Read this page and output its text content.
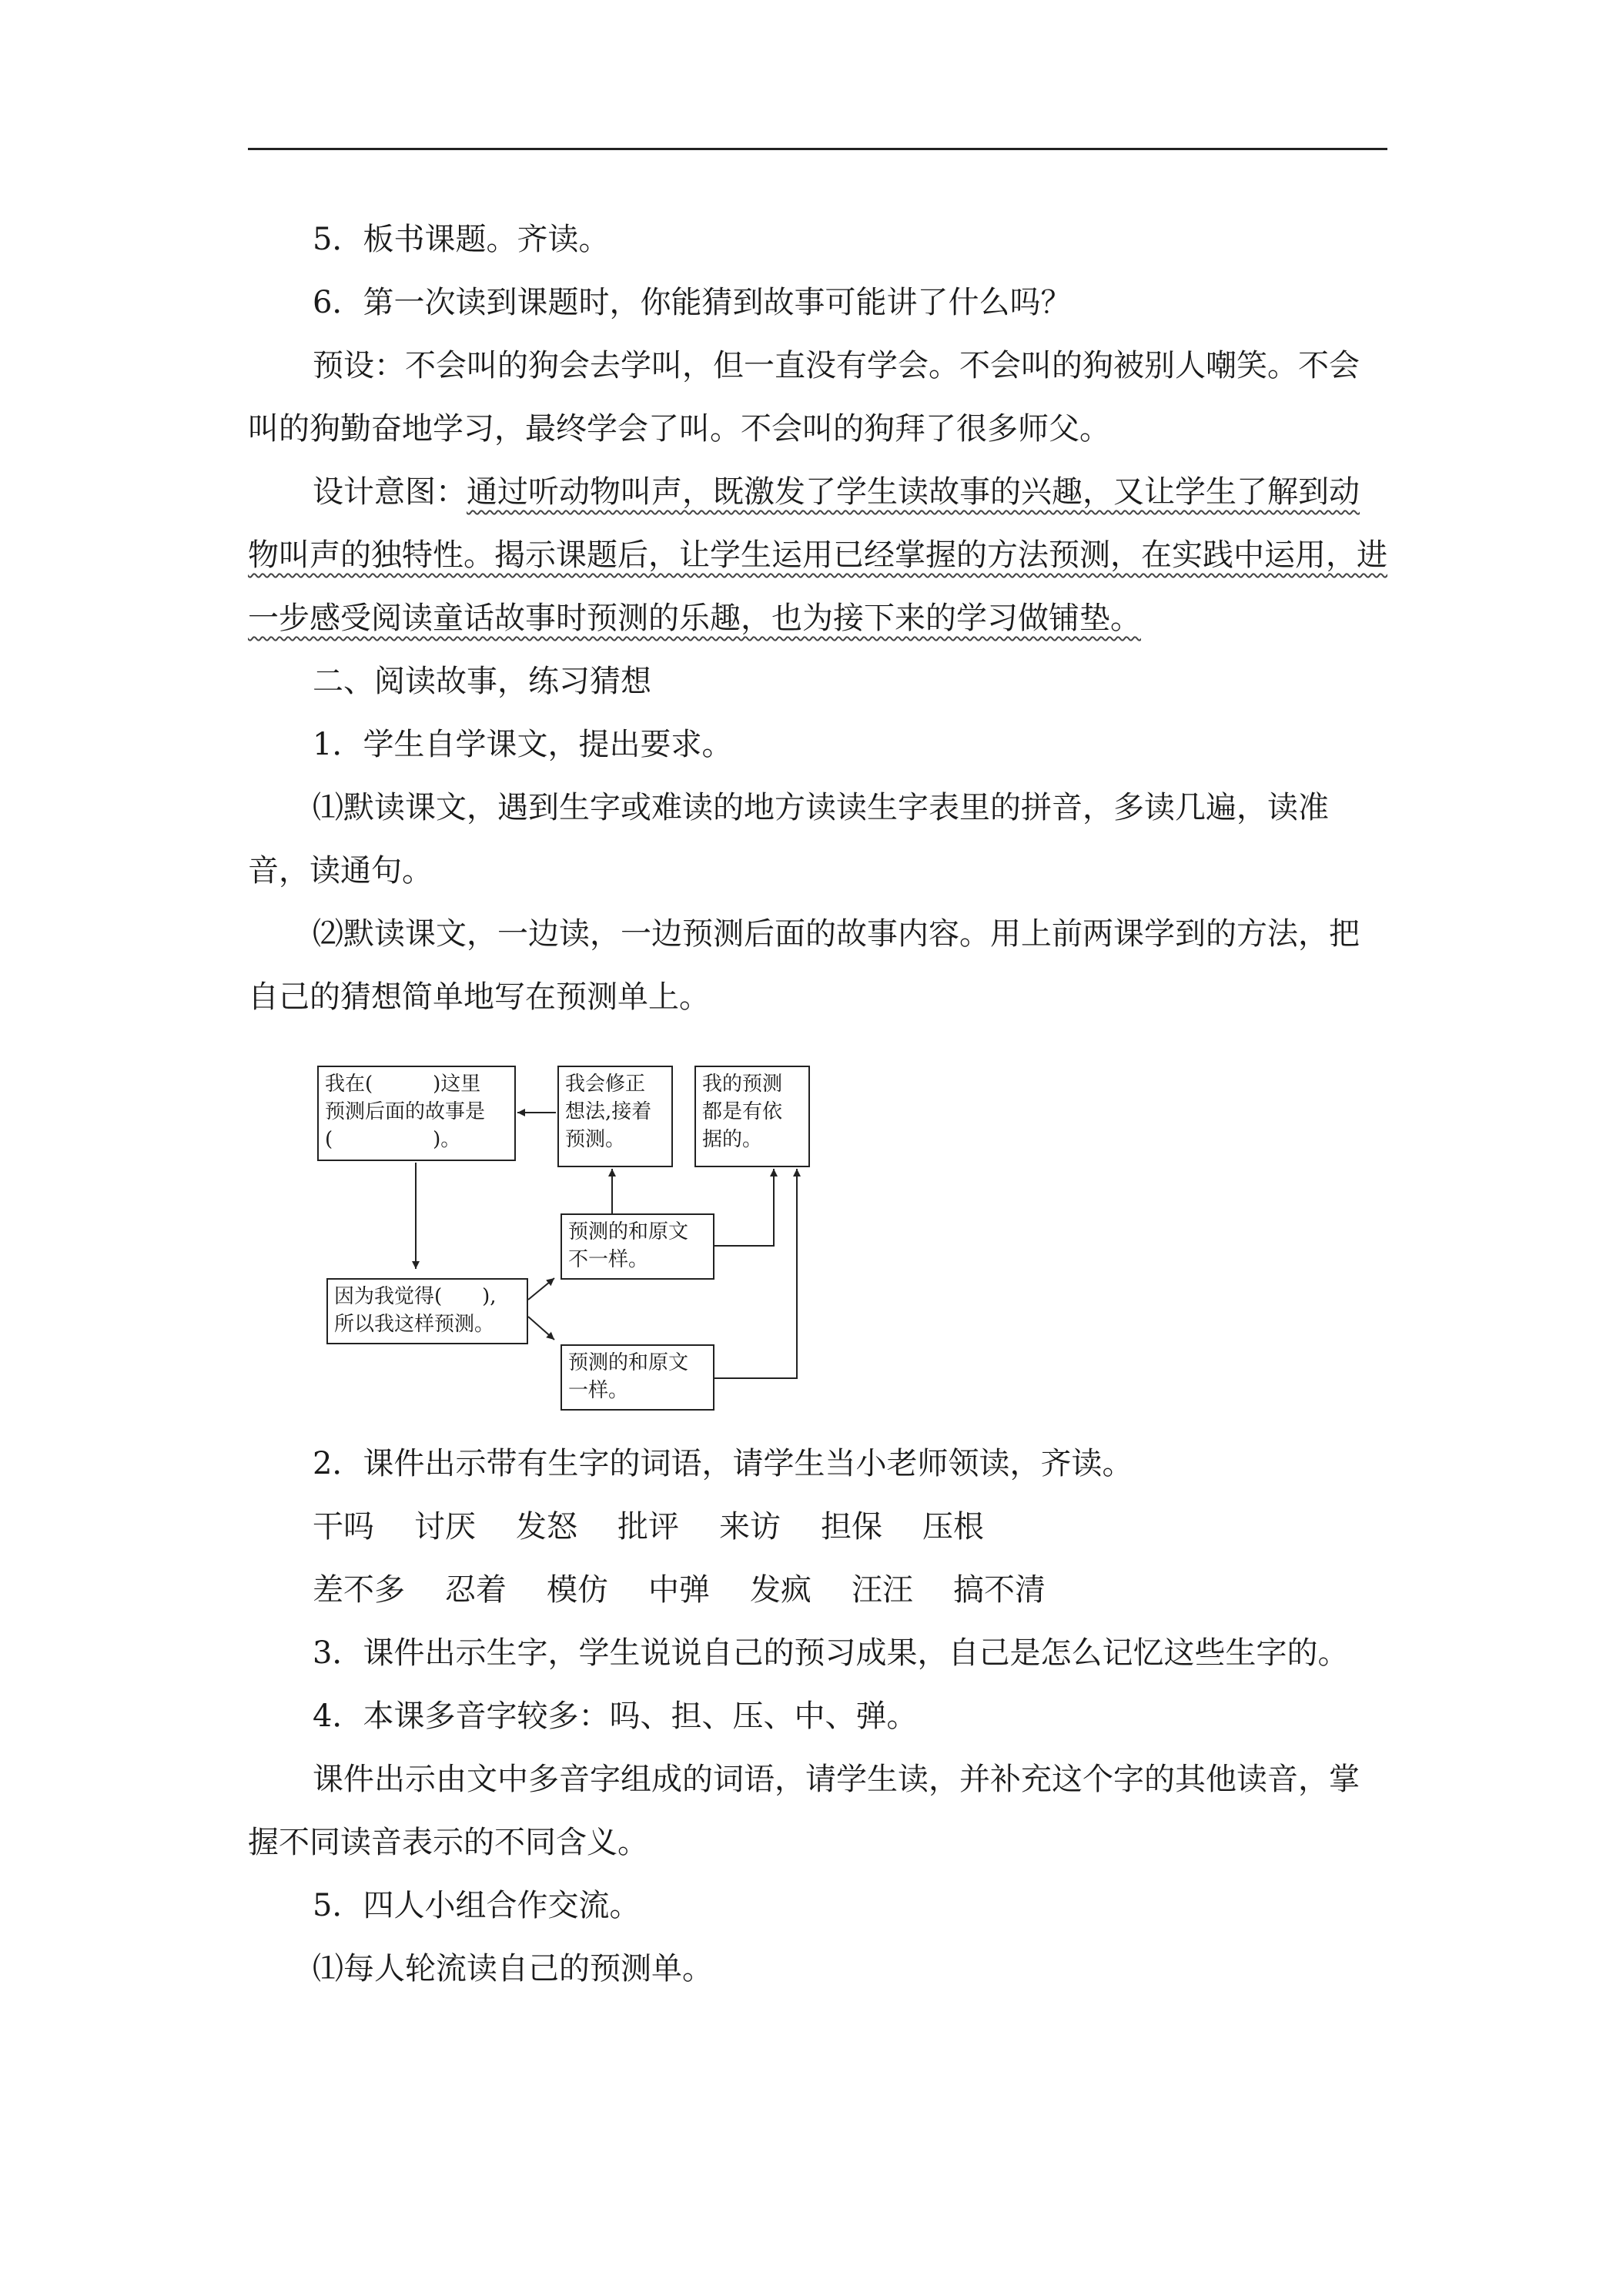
5．板书课题。齐读。

6．第一次读到课题时，你能猜到故事可能讲了什么吗？

预设：不会叫的狗会去学叫，但一直没有学会。不会叫的狗被别人嘲笑。不会叫的狗勤奋地学习，最终学会了叫。不会叫的狗拜了很多师父。

设计意图：通过听动物叫声，既激发了学生读故事的兴趣，又让学生了解到动物叫声的独特性。揭示课题后，让学生运用已经掌握的方法预测，在实践中运用，进一步感受阅读童话故事时预测的乐趣，也为接下来的学习做铺垫。

二、阅读故事，练习猜想

1．学生自学课文，提出要求。

⑴默读课文，遇到生字或难读的地方读读生字表里的拼音，多读几遍，读准音，读通句。

⑵默读课文，一边读，一边预测后面的故事内容。用上前两课学到的方法，把自己的猜想简单地写在预测单上。

我在(　　　)这里
预测后面的故事是
(　　　　　)。
我会修正
想法,接着
预测。
我的预测
都是有依
据的。
预测的和原文
不一样。
因为我觉得(　　),
所以我这样预测。
预测的和原文
一样。

2．课件出示带有生字的词语，请学生当小老师领读，齐读。

干吗 讨厌 发怒 批评 来访 担保 压根
差不多 忍着 模仿 中弹 发疯 汪汪 搞不清

3．课件出示生字，学生说说自己的预习成果，自己是怎么记忆这些生字的。

4．本课多音字较多：吗、担、压、中、弹。

课件出示由文中多音字组成的词语，请学生读，并补充这个字的其他读音，掌握不同读音表示的不同含义。

5．四人小组合作交流。

⑴每人轮流读自己的预测单。
